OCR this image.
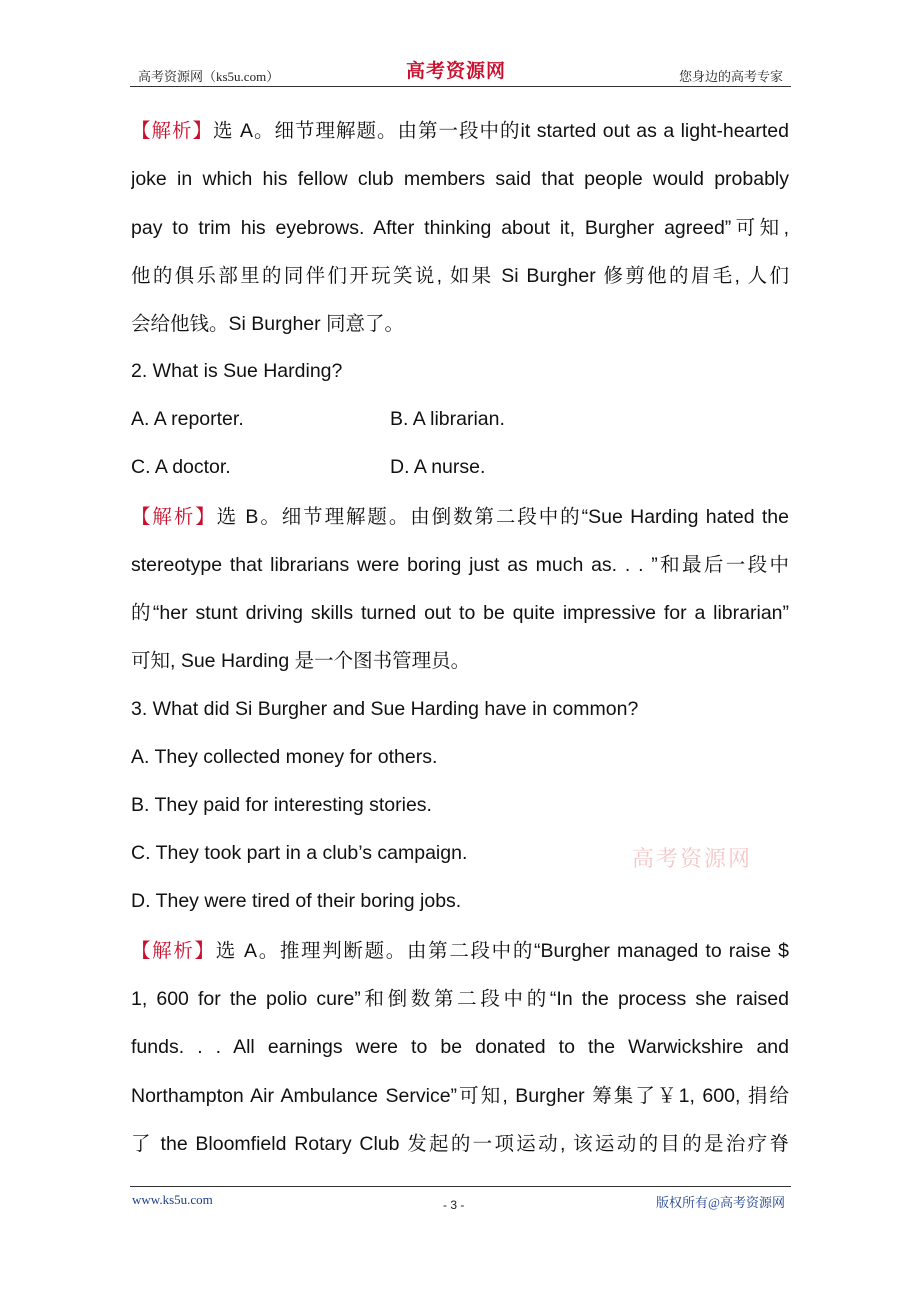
高考资源网（ks5u.com）	高考资源网	您身边的高考专家
【解析】选 A。细节理解题。由第一段中的it started out as a light-hearted
joke in which his fellow club members said that people would probably
pay to trim his eyebrows. After thinking about it, Burgher agreed”可知,
他的俱乐部里的同伴们开玩笑说, 如果 Si Burgher 修剪他的眉毛, 人们
会给他钱。Si Burgher 同意了。
2. What is Sue Harding?
A. A reporter.	B. A librarian.
C. A doctor.	D. A nurse.
【解析】选 B。细节理解题。由倒数第二段中的“Sue Harding hated the
stereotype that librarians were boring just as much as. . . ”和最后一段中
的“her stunt driving skills turned out to be quite impressive for a librarian”
可知, Sue Harding 是一个图书管理员。
3. What did Si Burgher and Sue Harding have in common?
A. They collected money for others.
B. They paid for interesting stories.
C. They took part in a club’s campaign.
D. They were tired of their boring jobs.
【解析】选 A。推理判断题。由第二段中的“Burgher managed to raise $
1, 600 for the polio cure”和倒数第二段中的“In the process she raised
funds. . . All earnings were to be donated to the Warwickshire and
Northampton Air Ambulance Service”可知, Burgher 筹集了￥1, 600, 捐给
了 the Bloomfield Rotary Club 发起的一项运动, 该运动的目的是治疗脊
高考资源网
www.ks5u.com	- 3 -	版权所有@高考资源网
